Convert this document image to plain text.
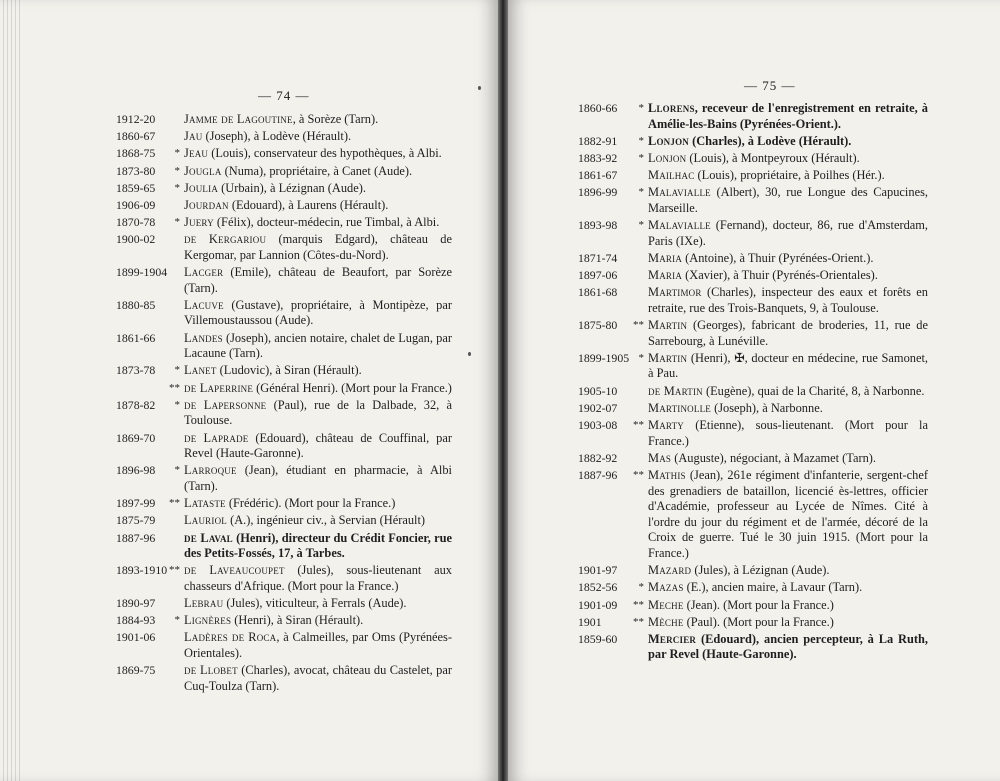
— 74 —
1912-20	Jamme de Lagoutine, à Sorèze (Tarn).
1860-67	Jau (Joseph), à Lodève (Hérault).
1868-75	* Jeau (Louis), conservateur des hypothèques, à Albi.
1873-80	* Jougla (Numa), propriétaire, à Canet (Aude).
1859-65	* Joulia (Urbain), à Lézignan (Aude).
1906-09	Jourdan (Edouard), à Laurens (Hérault).
1870-78	* Juery (Félix), docteur-médecin, rue Timbal, à Albi.
1900-02	de Kergariou (marquis Edgard), château de Kergomar, par Lannion (Côtes-du-Nord).
1899-1904 Lacger (Emile), château de Beaufort, par Sorèze (Tarn).
1880-85	Lacuve (Gustave), propriétaire, à Montipèze, par Villemoustaussou (Aude).
1861-66	Landes (Joseph), ancien notaire, chalet de Lugan, par Lacaune (Tarn).
1873-78	* Lanet (Ludovic), à Siran (Hérault).
** de Laperrine (Général Henri). (Mort pour la France.)
1878-82	* de Lapersonne (Paul), rue de la Dalbade, 32, à Toulouse.
1869-70	de Laprade (Edouard), château de Couffinal, par Revel (Haute-Garonne).
1896-98	* Larroque (Jean), étudiant en pharmacie, à Albi (Tarn).
1897-99	** Lataste (Frédéric). (Mort pour la France.)
1875-79	Lauriol (A.), ingénieur civ., à Servian (Hérault)
1887-96	de Laval (Henri), directeur du Crédit Foncier, rue des Petits-Fossés, 17, à Tarbes.
1893-1910 ** de Laveaucoupet (Jules), sous-lieutenant aux chasseurs d'Afrique. (Mort pour la France.)
1890-97	Lebrau (Jules), viticulteur, à Ferrals (Aude).
1884-93	* Lignères (Henri), à Siran (Hérault).
1901-06	Ladères de Roca, à Calmeilles, par Oms (Pyrénées-Orientales).
1869-75	de Llobet (Charles), avocat, château du Castelet, par Cuq-Toulza (Tarn).
— 75 —
1860-66	* Llorens, receveur de l'enregistrement en retraite, à Amélie-les-Bains (Pyrénées-Orient.).
1882-91	* Lonjon (Charles), à Lodève (Hérault).
1883-92	* Lonjon (Louis), à Montpeyroux (Hérault).
1861-67	Mailhac (Louis), propriétaire, à Poilhes (Hér.).
1896-99	* Malavialle (Albert), 30, rue Longue des Capucines, Marseille.
1893-98	* Malavialle (Fernand), docteur, 86, rue d'Amsterdam, Paris (IXe).
1871-74	Maria (Antoine), à Thuir (Pyrénées-Orient.).
1897-06	Maria (Xavier), à Thuir (Pyrénés-Orientales).
1861-68	Martimor (Charles), inspecteur des eaux et forêts en retraite, rue des Trois-Banquets, 9, à Toulouse.
1875-80	** Martin (Georges), fabricant de broderies, 11, rue de Sarrebourg, à Lunéville.
1899-1905 * Martin (Henri), ✠, docteur en médecine, rue Samonet, à Pau.
1905-10	de Martin (Eugène), quai de la Charité, 8, à Narbonne.
1902-07	Martinolle (Joseph), à Narbonne.
1903-08	** Marty (Etienne), sous-lieutenant. (Mort pour la France.)
1882-92	Mas (Auguste), négociant, à Mazamet (Tarn).
1887-96	** Mathis (Jean), 261e régiment d'infanterie, sergent-chef des grenadiers de bataillon, licencié ès-lettres, officier d'Académie, professeur au Lycée de Nîmes. Cité à l'ordre du jour du régiment et de l'armée, décoré de la Croix de guerre. Tué le 30 juin 1915. (Mort pour la France.)
1901-97	Mazard (Jules), à Lézignan (Aude).
1852-56	* Mazas (E.), ancien maire, à Lavaur (Tarn).
1901-09	** Meche (Jean). (Mort pour la France.)
1901	** Mèche (Paul). (Mort pour la France.)
1859-60	Mercier (Edouard), ancien percepteur, à La Ruth, par Revel (Haute-Garonne).
